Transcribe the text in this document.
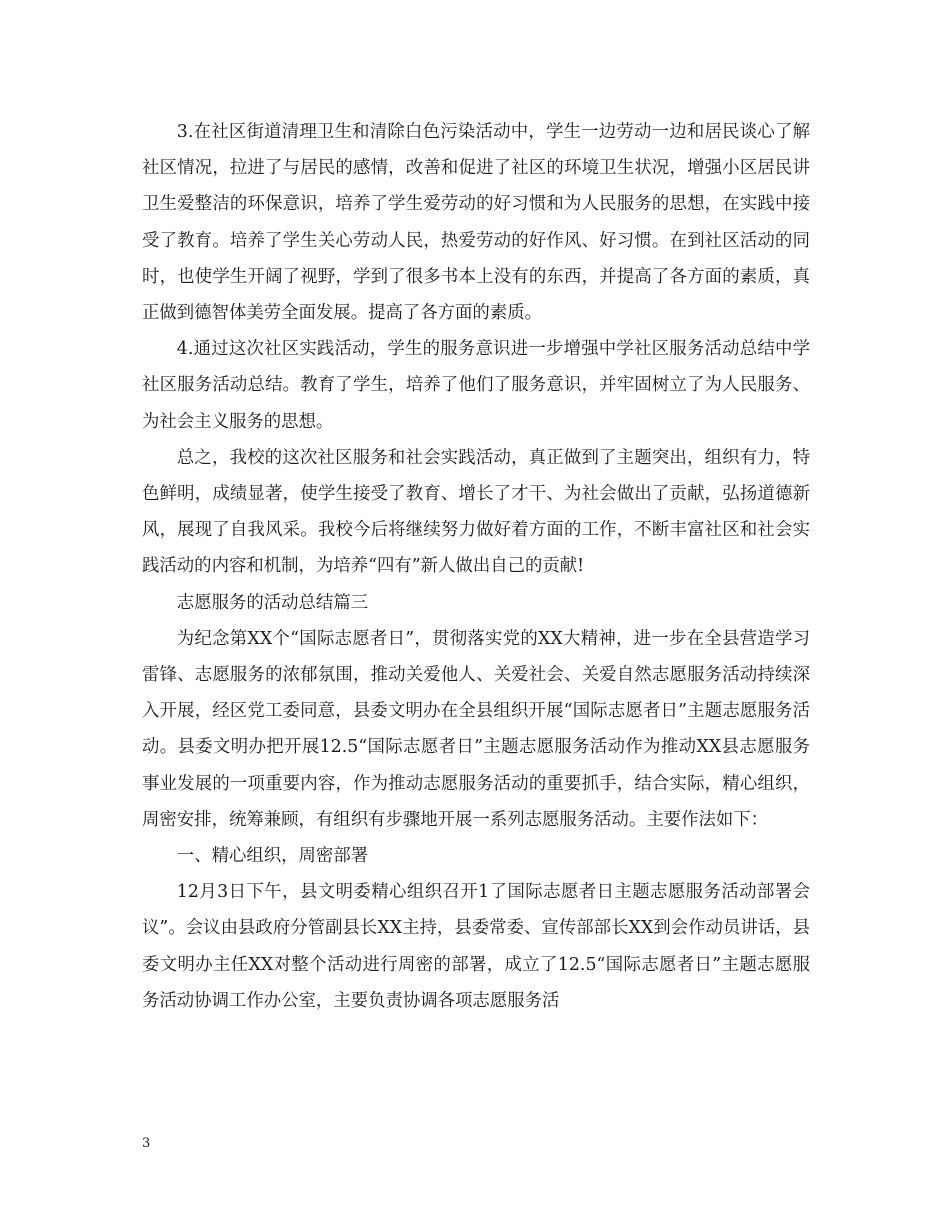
3.在社区街道清理卫生和清除白色污染活动中，学生一边劳动一边和居民谈心了解社区情况，拉进了与居民的感情，改善和促进了社区的环境卫生状况，增强小区居民讲卫生爱整洁的环保意识，培养了学生爱劳动的好习惯和为人民服务的思想，在实践中接受了教育。培养了学生关心劳动人民，热爱劳动的好作风、好习惯。在到社区活动的同时，也使学生开阔了视野，学到了很多书本上没有的东西，并提高了各方面的素质，真正做到德智体美劳全面发展。提高了各方面的素质。

4.通过这次社区实践活动，学生的服务意识进一步增强中学社区服务活动总结中学社区服务活动总结。教育了学生，培养了他们了服务意识，并牢固树立了为人民服务、为社会主义服务的思想。

总之，我校的这次社区服务和社会实践活动，真正做到了主题突出，组织有力，特色鲜明，成绩显著，使学生接受了教育、增长了才干、为社会做出了贡献，弘扬道德新风，展现了自我风采。我校今后将继续努力做好着方面的工作，不断丰富社区和社会实践活动的内容和机制，为培养“四有”新人做出自己的贡献!

志愿服务的活动总结篇三

为纪念第XX个“国际志愿者日”，贯彻落实党的XX大精神，进一步在全县营造学习雷锋、志愿服务的浓郁氛围，推动关爱他人、关爱社会、关爱自然志愿服务活动持续深入开展，经区党工委同意，县委文明办在全县组织开展“国际志愿者日”主题志愿服务活动。县委文明办把开展12.5“国际志愿者日”主题志愿服务活动作为推动XX县志愿服务事业发展的一项重要内容，作为推动志愿服务活动的重要抓手，结合实际，精心组织，周密安排，统筹兼顾，有组织有步骤地开展一系列志愿服务活动。主要作法如下：

一、精心组织，周密部署

12月3日下午，县文明委精心组织召开1了国际志愿者日主题志愿服务活动部署会议”。会议由县政府分管副县长XX主持，县委常委、宣传部部长XX到会作动员讲话，县委文明办主任XX对整个活动进行周密的部署，成立了12.5“国际志愿者日”主题志愿服务活动协调工作办公室，主要负责协调各项志愿服务活

3
